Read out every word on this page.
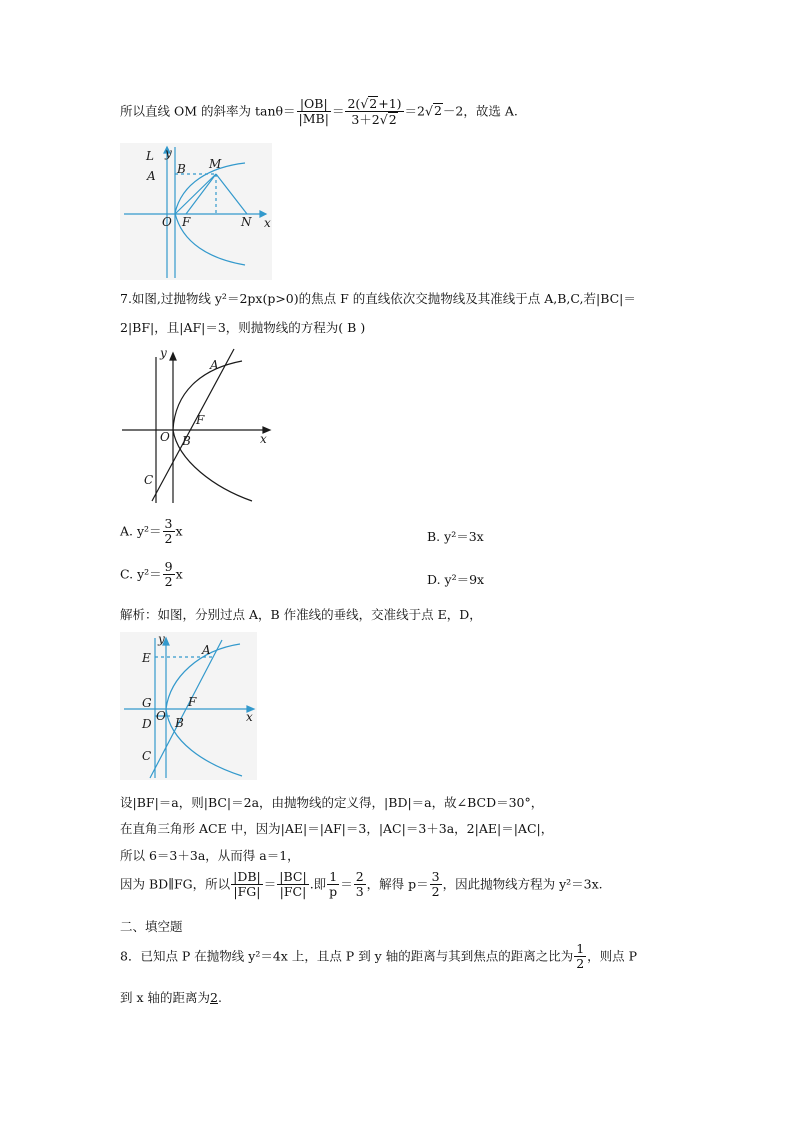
所以直线 OM 的斜率为 $\tan\theta= \frac{|OB|}{|MB|} = \frac{2(√2+1)}{3+2√2} =2√2-2$，故选 A.
L y
A B M
O F	N x
7.如图,过抛物线 y²＝2px(p>0)的焦点 F 的直线依次交抛物线及其准线于点 A,B,C,若|BC|＝
2|BF|，且|AF|＝3，则抛物线的方程为( B )
y
A
F
O B	x
C
A. $y^2= \frac{3}{2}$ x	B. y²＝3x
C. $y^2= \frac{9}{2}$ x	D. y²＝9x
解析：如图，分别过点 A，B 作准线的垂线，交准线于点 E，D，
y
E
A
G	F
D
O B	x
C
设|BF|＝a，则|BC|＝2a，由抛物线的定义得，|BD|＝a，故∠BCD＝30°，
在直角三角形 ACE 中，因为|AE|＝|AF|＝3，|AC|＝3＋3a，2|AE|＝|AC|，
所以 6＝3＋3a，从而得 a＝1，
因为 BD∥FG，所以 $\frac{|DB|}{|FG|} = \frac{|BC|}{|FC|}$ .即 $\frac{1}{p} = \frac{2}{3}$ ，解得 $p= \frac{3}{2}$ ，因此抛物线方程为 y²＝3x.
二、填空题
8．已知点 P 在抛物线 y²＝4x 上，且点 P 到 y 轴的距离与其到焦点的距离之比为 $\frac{1}{2}$ ，则点 P
到 x 轴的距离为2.
